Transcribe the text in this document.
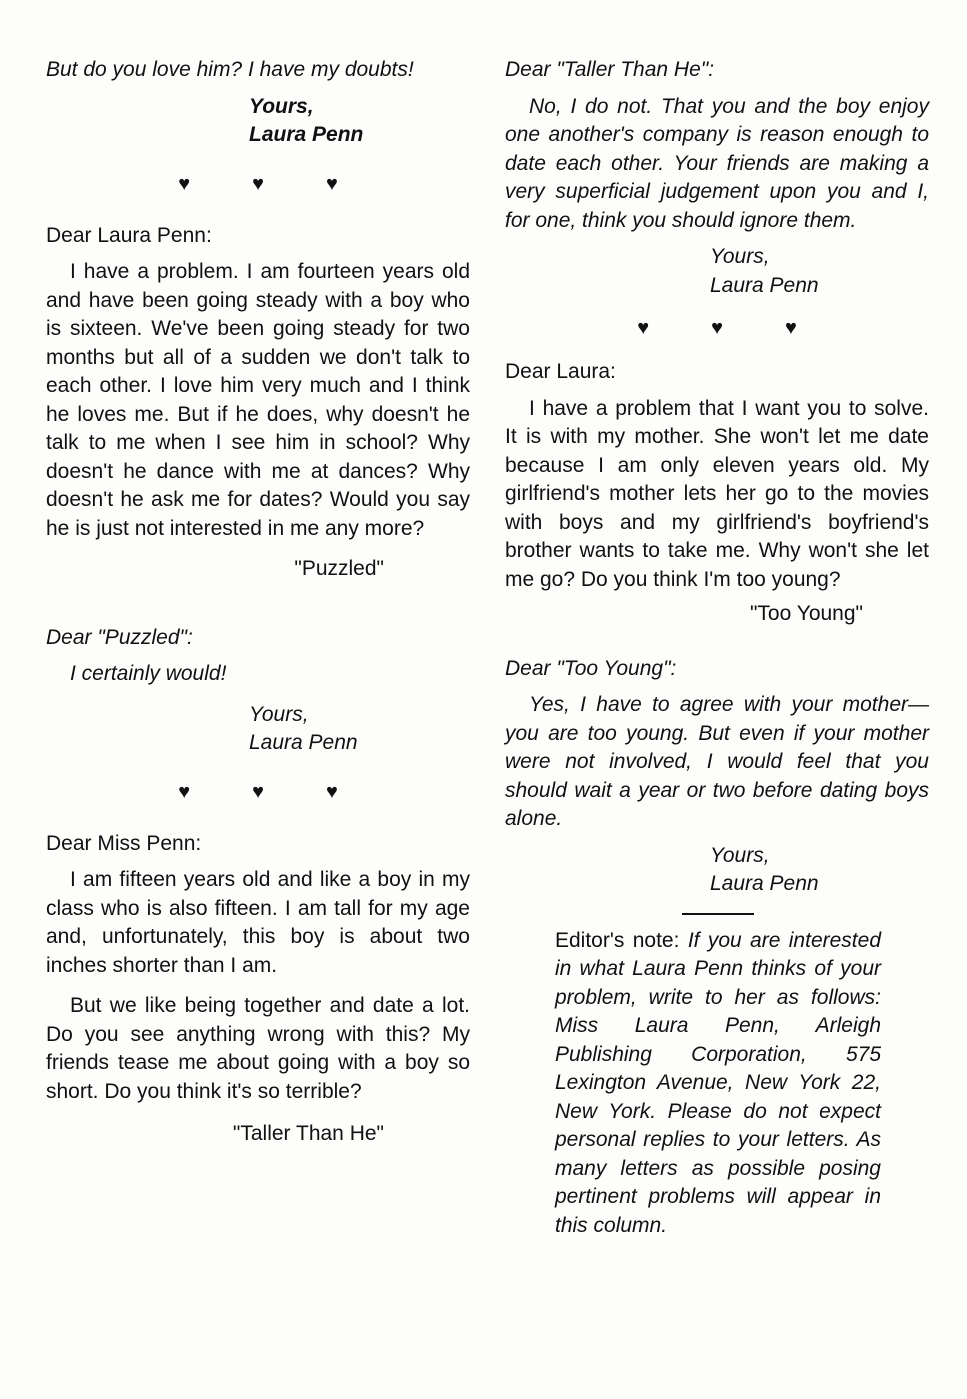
But do you love him? I have my doubts!

Yours,

Laura Penn

♥	♥	♥

Dear Laura Penn:

I have a problem. I am fourteen years old and have been going steady with a boy who is sixteen. We've been going steady for two months but all of a sudden we don't talk to each other. I love him very much and I think he loves me. But if he does, why doesn't he talk to me when I see him in school? Why doesn't he dance with me at dances? Why doesn't he ask me for dates? Would you say he is just not interested in me any more?

"Puzzled"

Dear "Puzzled":

I certainly would!

Yours,

Laura Penn

♥	♥	♥

Dear Miss Penn:

I am fifteen years old and like a boy in my class who is also fifteen. I am tall for my age and, unfortunately, this boy is about two inches shorter than I am.

But we like being together and date a lot. Do you see anything wrong with this? My friends tease me about going with a boy so short. Do you think it's so terrible?

"Taller Than He"

Dear "Taller Than He":

No, I do not. That you and the boy enjoy one another's company is reason enough to date each other. Your friends are making a very superficial judgement upon you and I, for one, think you should ignore them.

Yours,

Laura Penn

♥	♥	♥

Dear Laura:

I have a problem that I want you to solve. It is with my mother. She won't let me date because I am only eleven years old. My girlfriend's mother lets her go to the movies with boys and my girlfriend's boyfriend's brother wants to take me. Why won't she let me go? Do you think I'm too young?

"Too Young"

Dear "Too Young":

Yes, I have to agree with your mother—you are too young. But even if your mother were not involved, I would feel that you should wait a year or two before dating boys alone.

Yours,

Laura Penn

Editor's note: If you are interested in what Laura Penn thinks of your problem, write to her as follows: Miss Laura Penn, Arleigh Publishing Corporation, 575 Lexington Avenue, New York 22, New York. Please do not expect personal replies to your letters. As many letters as possible posing pertinent problems will appear in this column.
